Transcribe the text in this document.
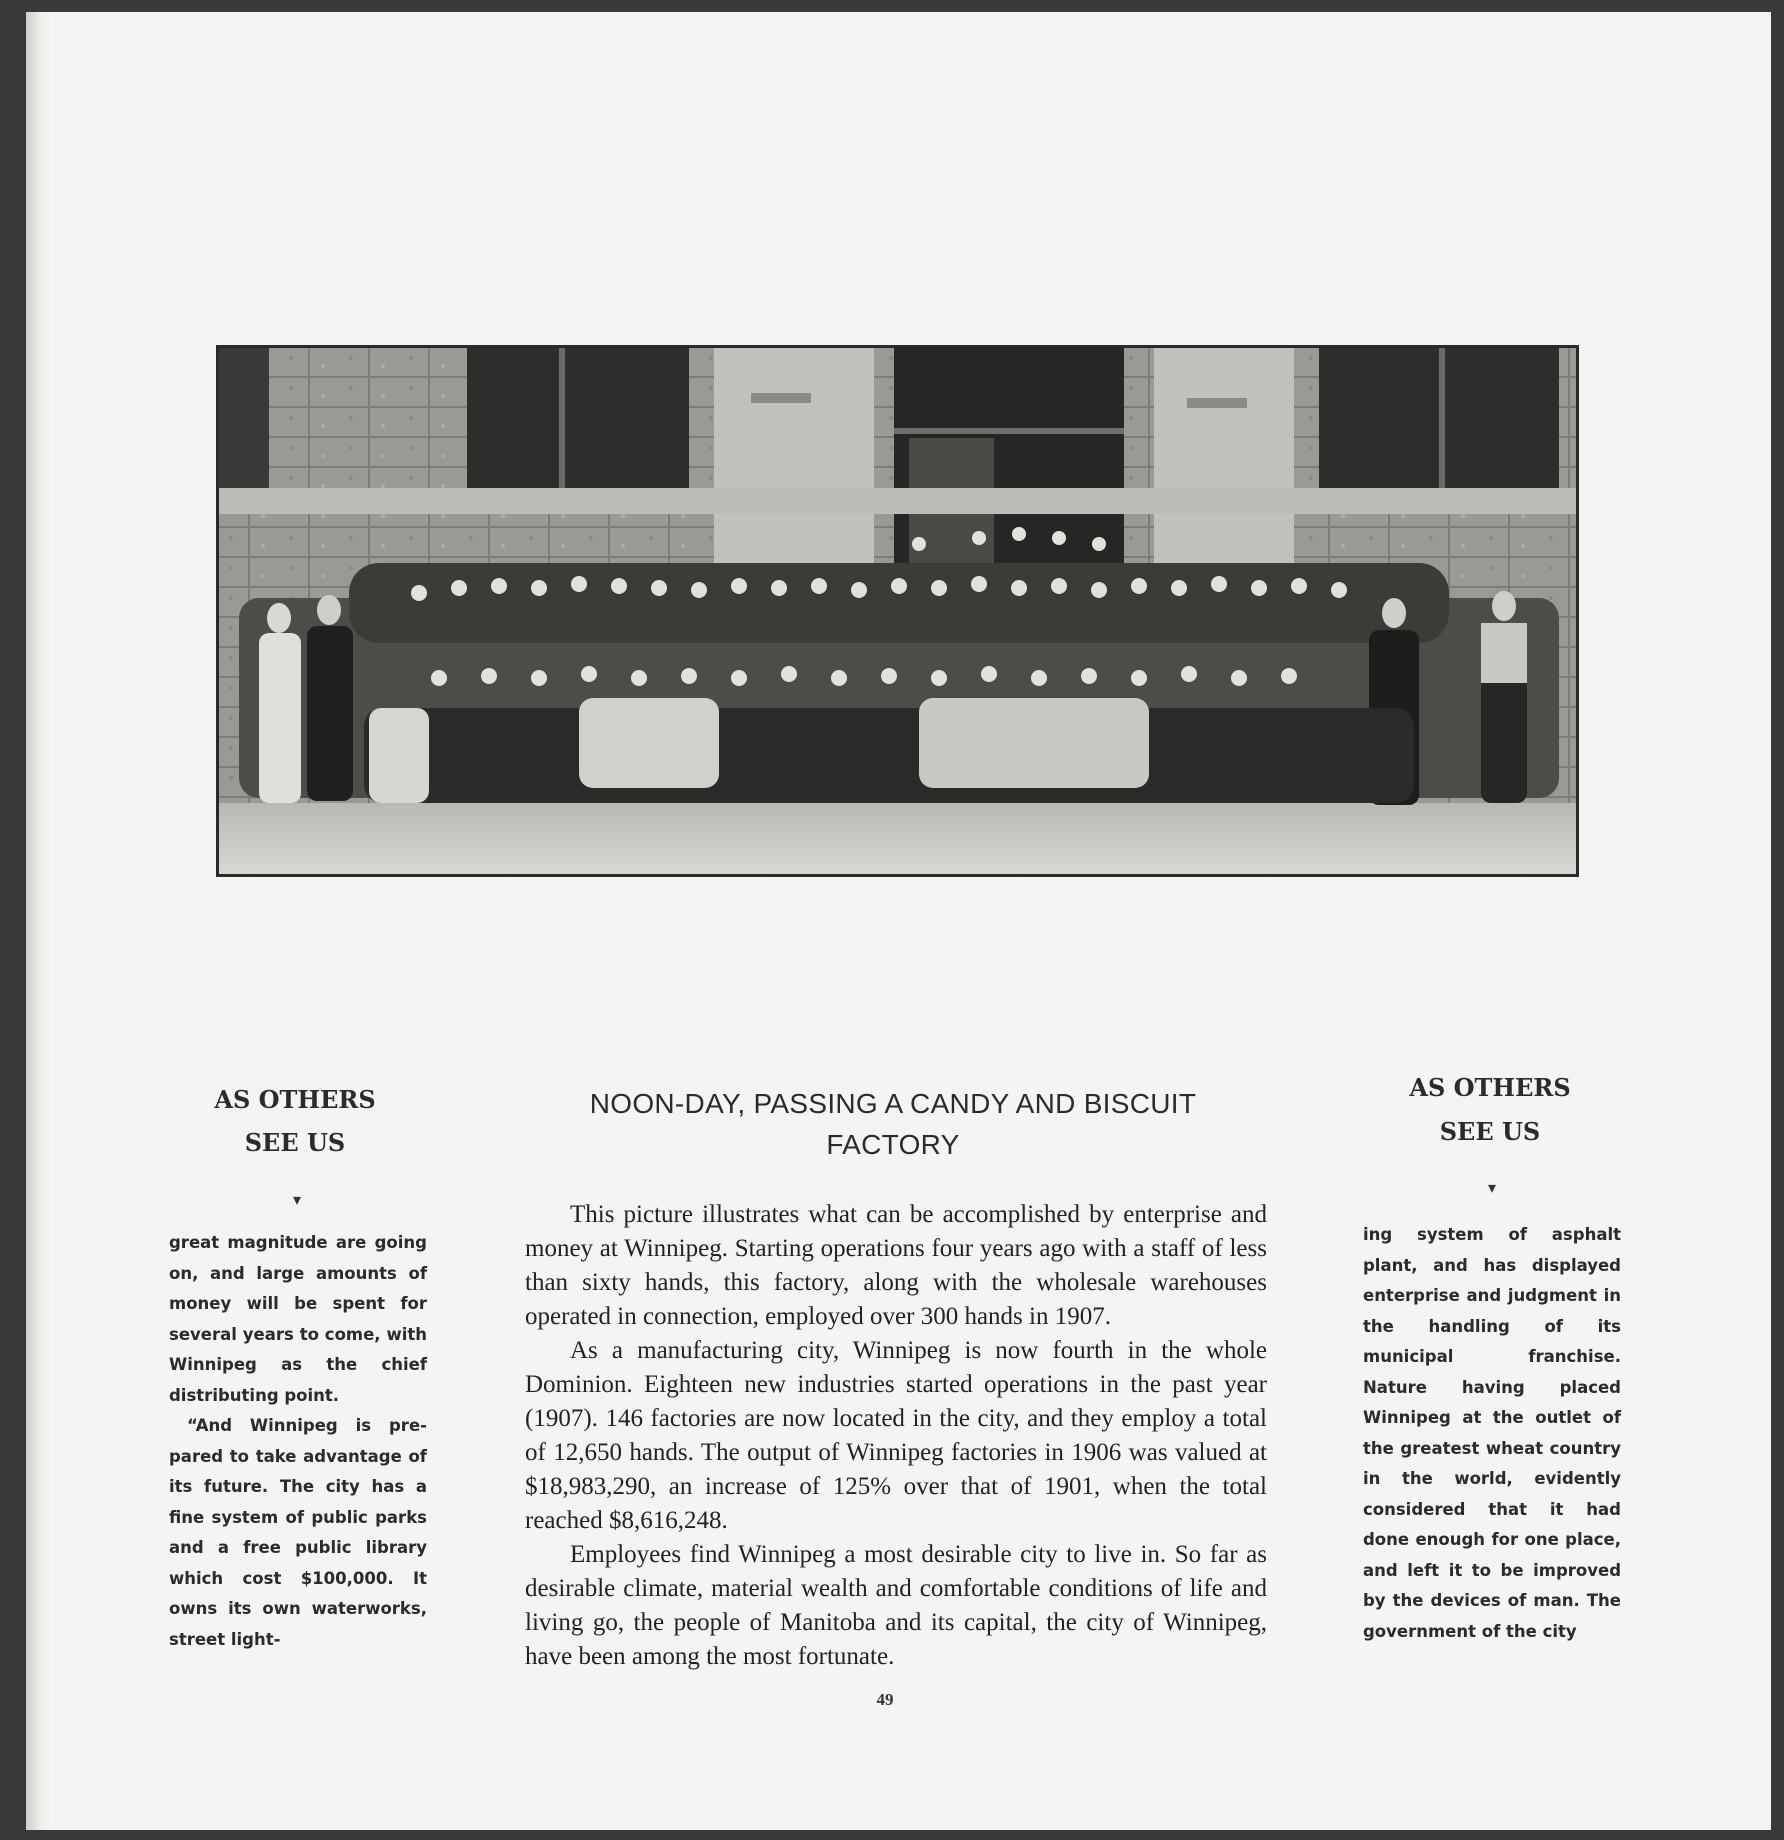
AS OTHERS
SEE US
▾

great magnitude are going on, and large amounts of money will be spent for several years to come, with Winnipeg as the chief distributing point.

“And Winnipeg is prepared to take advantage of its future. The city has a fine system of public parks and a free public library which cost $100,000. It owns its own waterworks, street light-

NOON-DAY, PASSING A CANDY AND BISCUIT FACTORY

This picture illustrates what can be accomplished by enterprise and money at Winnipeg. Starting operations four years ago with a staff of less than sixty hands, this factory, along with the wholesale warehouses operated in connection, employed over 300 hands in 1907.

As a manufacturing city, Winnipeg is now fourth in the whole Dominion. Eighteen new industries started operations in the past year (1907). 146 factories are now located in the city, and they employ a total of 12,650 hands. The output of Winnipeg factories in 1906 was valued at $18,983,290, an increase of 125% over that of 1901, when the total reached $8,616,248.

Employees find Winnipeg a most desirable city to live in. So far as desirable climate, material wealth and comfortable conditions of life and living go, the people of Manitoba and its capital, the city of Winnipeg, have been among the most fortunate.

49
AS OTHERS
SEE US
▾

ing system of asphalt plant, and has displayed enterprise and judgment in the handling of its municipal franchise. Nature having placed Winnipeg at the outlet of the greatest wheat country in the world, evidently considered that it had done enough for one place, and left it to be improved by the devices of man. The government of the city
